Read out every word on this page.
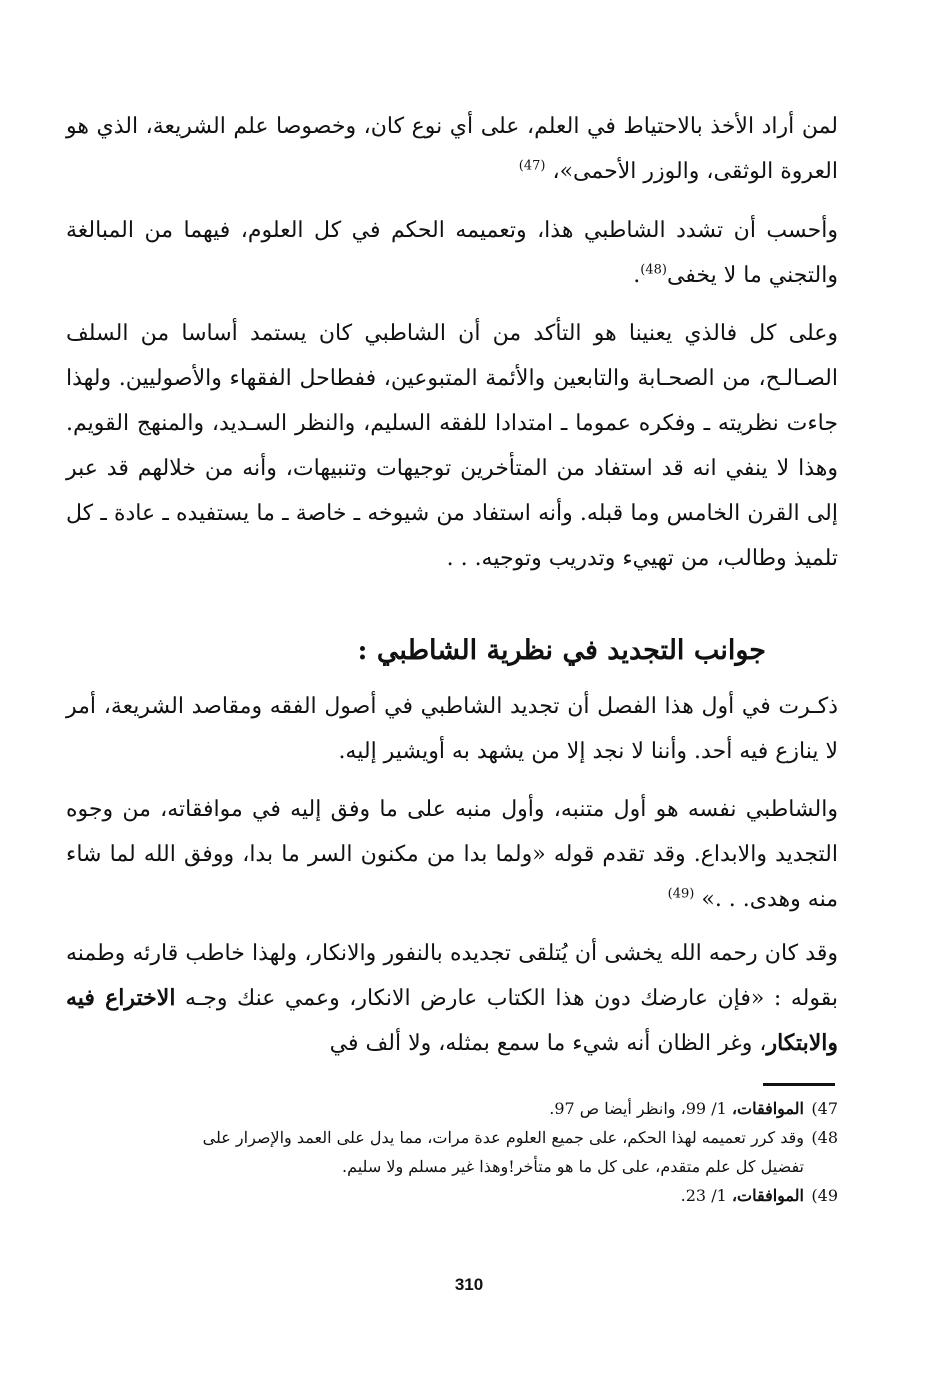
لمن أراد الأخذ بالاحتياط في العلم، على أي نوع كان، وخصوصا علم الشريعة، الذي هو العروة الوثقى، والوزر الأحمى»، $^{(47)}$
وأحسب أن تشدد الشاطبي هذا، وتعميمه الحكم في كل العلوم، فيهما من المبالغة والتجني ما لا يخفى$^{(48)}$.
وعلى كل فالذي يعنينا هو التأكد من أن الشاطبي كان يستمد أساسا من السلف الصـالـح، من الصحـابة والتابعين والأئمة المتبوعين، ففطاحل الفقهاء والأصوليين. ولهذا جاءت نظريته ـ وفكره عموما ـ امتدادا للفقه السليم، والنظر السـديد، والمنهج القويم. وهذا لا ينفي انه قد استفاد من المتأخرين توجيهات وتنبيهات، وأنه من خلالهم قد عبر إلى القرن الخامس وما قبله. وأنه استفاد من شيوخه ـ خاصة ـ ما يستفيده ـ عادة ـ كل تلميذ وطالب، من تهييء وتدريب وتوجيه. . .
جوانب التجديد في نظرية الشاطبي :
ذكـرت في أول هذا الفصل أن تجديد الشاطبي في أصول الفقه ومقاصد الشريعة، أمر لا ينازع فيه أحد. وأننا لا نجد إلا من يشهد به أويشير إليه.
والشاطبي نفسه هو أول متنبه، وأول منبه على ما وفق إليه في موافقاته، من وجوه التجديد والابداع. وقد تقدم قوله «ولما بدا من مكنون السر ما بدا، ووفق الله لما شاء منه وهدى. . .» $^{(49)}$
وقد كان رحمه الله يخشى أن يُتلقى تجديده بالنفور والانكار، ولهذا خاطب قارئه وطمنه بقوله : «فإن عارضك دون هذا الكتاب عارض الانكار، وعمي عنك وجـه الاختراع فيه والابتكار، وغر الظان أنه شيء ما سمع بمثله، ولا ألف في
47)الموافقات، 1/ 99، وانظر أيضا ص 97.
48)وقد كرر تعميمه لهذا الحكم، على جميع العلوم عدة مرات، مما يدل على العمد والإصرار على
تفضيل كل علم متقدم، على كل ما هو متأخر!وهذا غير مسلم ولا سليم.
49)الموافقات، 1/ 23.
310
